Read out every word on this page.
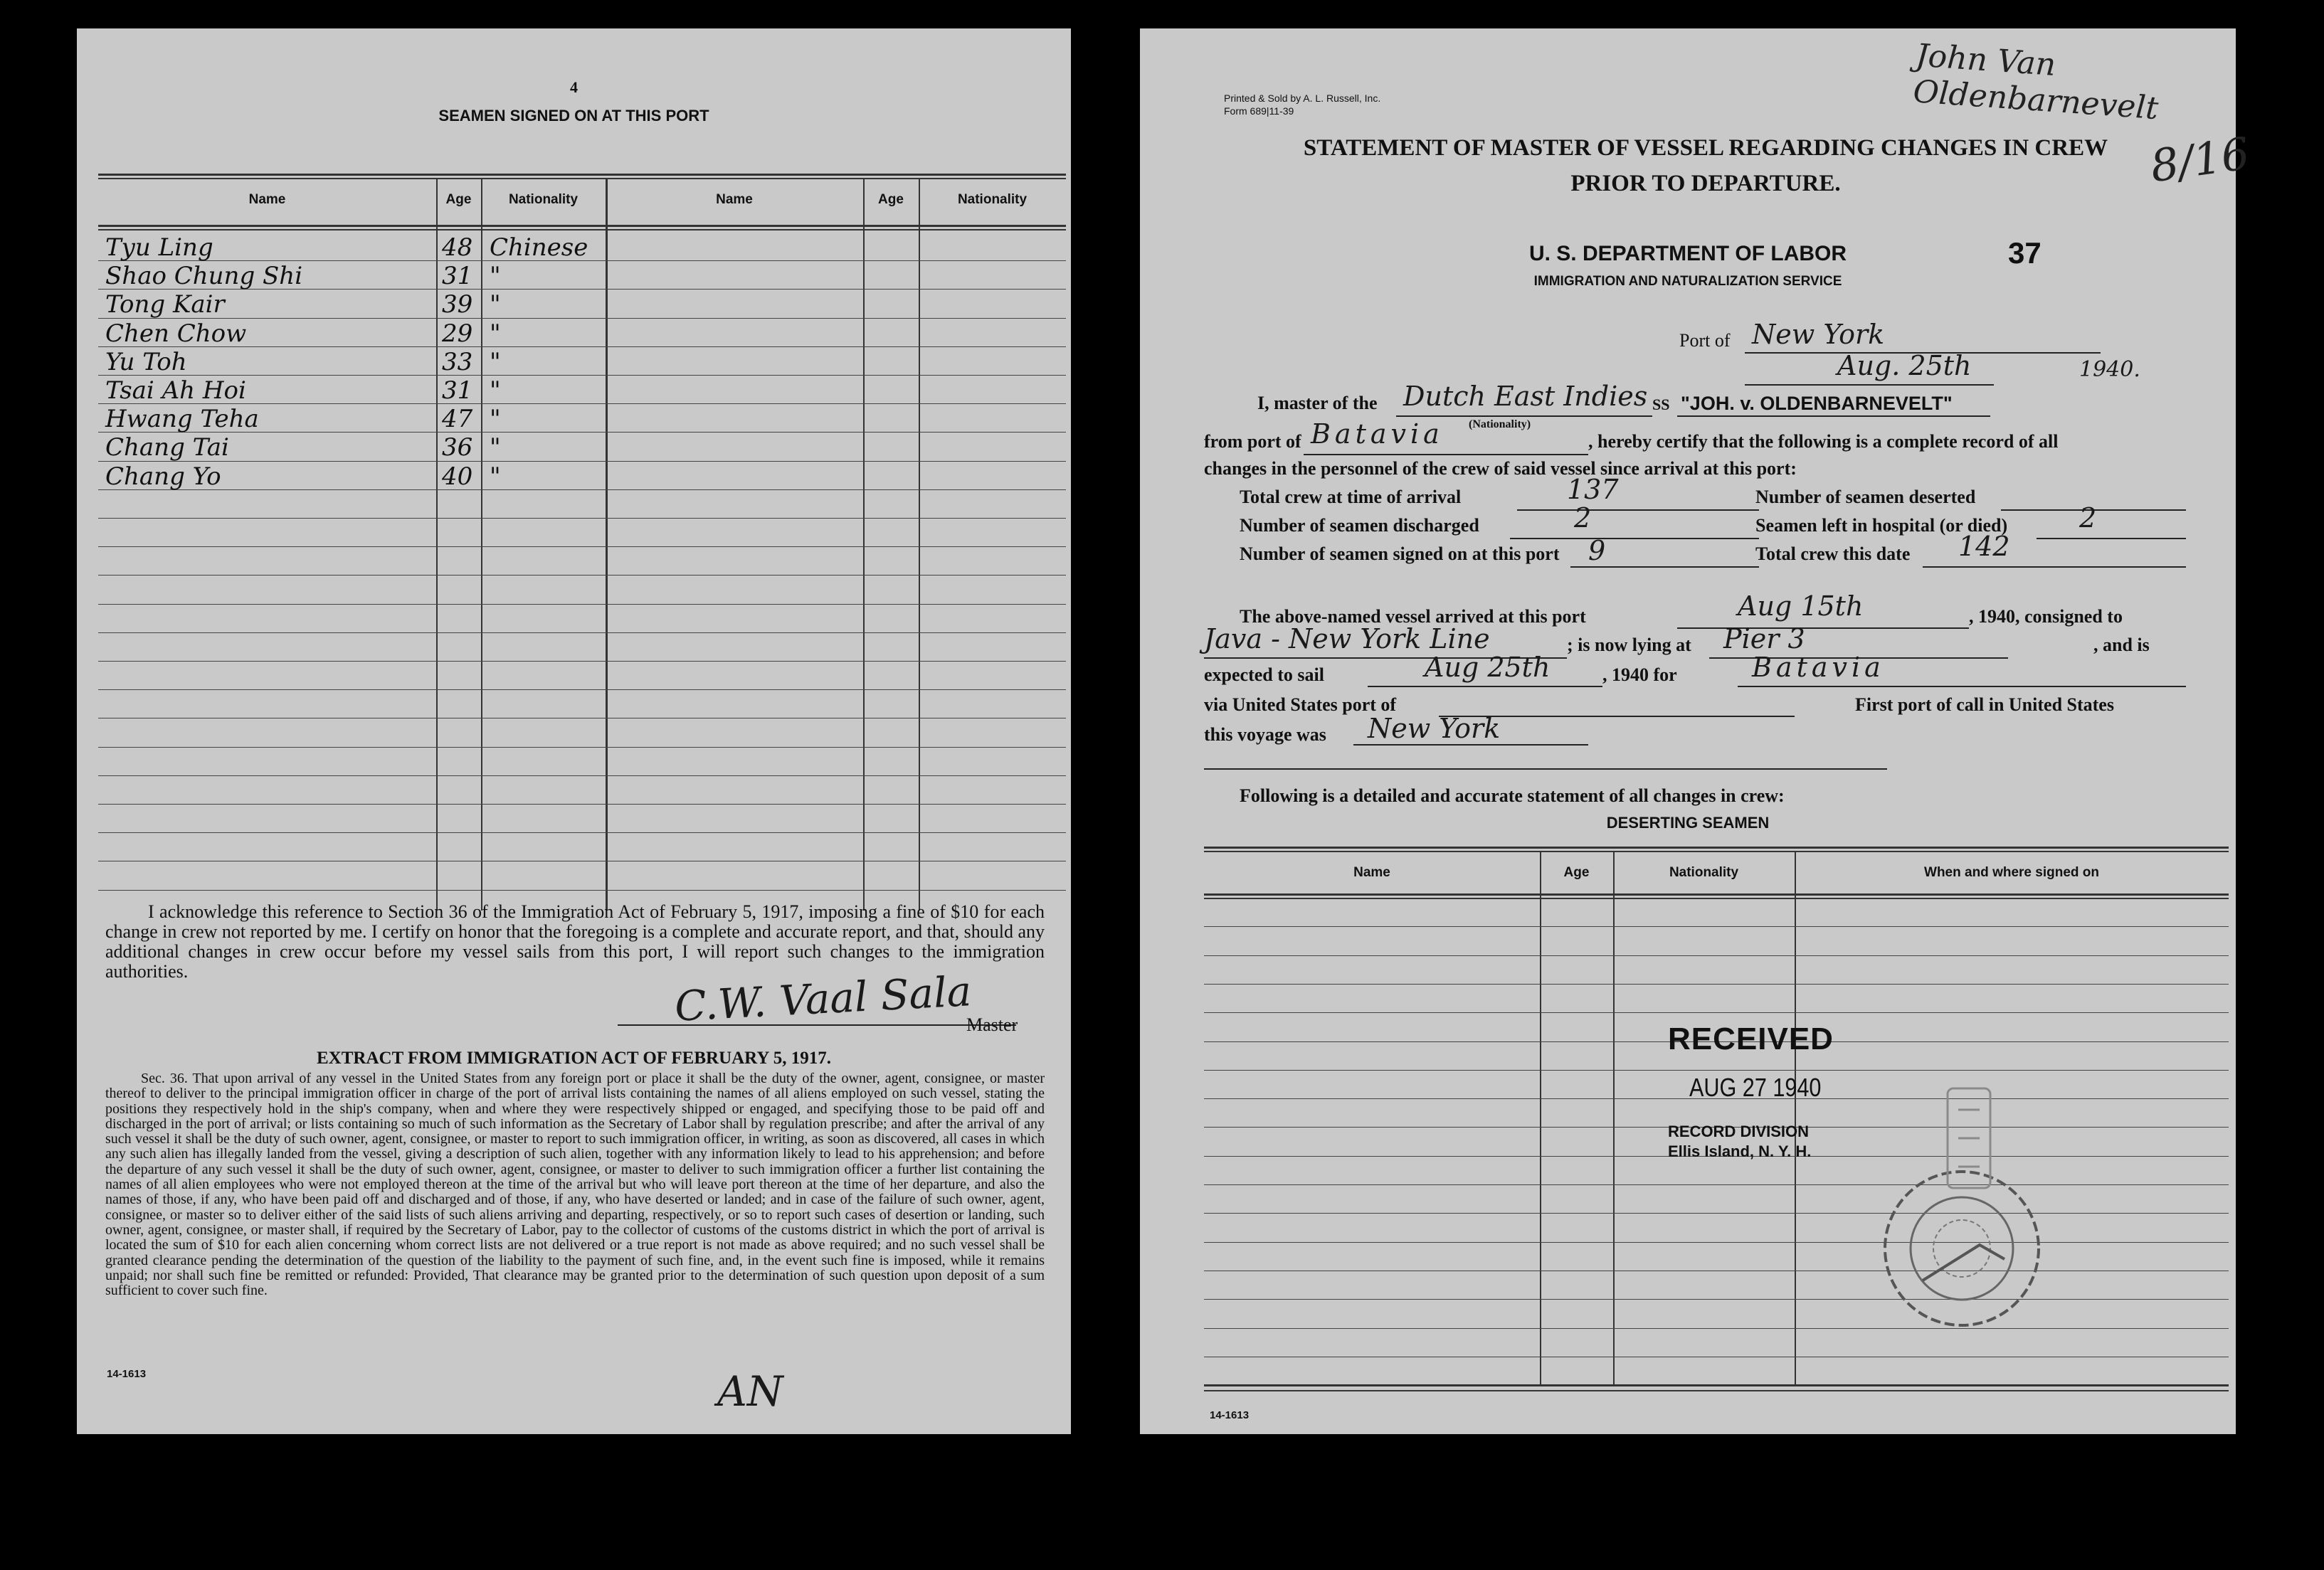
4
SEAMEN SIGNED ON AT THIS PORT
Name	Age	Nationality	Name	Age	Nationality
Tyu Ling	48 Chinese
Shao Chung Shi	31 "
Tong Kair	39 "
Chen Chow	29 "
Yu Toh	33 "
Tsai Ah Hoi	31 "
Hwang Teha	47 "
Chang Tai	36 "
Chang Yo	40 "
I acknowledge this reference to Section 36 of the Immigration Act of February 5, 1917, imposing a fine of $10 for each change in crew not reported by me. I certify on honor that the foregoing is a complete and accurate report, and that, should any additional changes in crew occur before my vessel sails from this port, I will report such changes to the immigration authorities.	C.W. Vaal Sala
Master
EXTRACT FROM IMMIGRATION ACT OF FEBRUARY 5, 1917.
Sec. 36. That upon arrival of any vessel in the United States from any foreign port or place it shall be the duty of the owner, agent, consignee, or master thereof to deliver to the principal immigration officer in charge of the port of arrival lists containing the names of all aliens employed on such vessel, stating the positions they respectively hold in the ship's company, when and where they were respectively shipped or engaged, and specifying those to be paid off and discharged in the port of arrival; or lists containing so much of such information as the Secretary of Labor shall by regulation prescribe; and after the arrival of any such vessel it shall be the duty of such owner, agent, consignee, or master to report to such immigration officer, in writing, as soon as discovered, all cases in which any such alien has illegally landed from the vessel, giving a description of such alien, together with any information likely to lead to his apprehension; and before the departure of any such vessel it shall be the duty of such owner, agent, consignee, or master to deliver to such immigration officer a further list containing the names of all alien employees who were not employed thereon at the time of the arrival but who will leave port thereon at the time of her departure, and also the names of those, if any, who have been paid off and discharged and of those, if any, who have deserted or landed; and in case of the failure of such owner, agent, consignee, or master so to deliver either of the said lists of such aliens arriving and departing, respectively, or so to report such cases of desertion or landing, such owner, agent, consignee, or master shall, if required by the Secretary of Labor, pay to the collector of customs of the customs district in which the port of arrival is located the sum of $10 for each alien concerning whom correct lists are not delivered or a true report is not made as above required; and no such vessel shall be granted clearance pending the determination of the question of the liability to the payment of such fine, and, in the event such fine is imposed, while it remains unpaid; nor shall such fine be remitted or refunded: Provided, That clearance may be granted prior to the determination of such question upon deposit of a sum sufficient to cover such fine.
14-1613	AN
Printed & Sold by A. L. Russell, Inc.
Form 689|11-39
John Van Oldenbarnevelt
8/16
STATEMENT OF MASTER OF VESSEL REGARDING CHANGES IN CREW
PRIOR TO DEPARTURE.
U. S. DEPARTMENT OF LABOR
IMMIGRATION AND NATURALIZATION SERVICE
37
Port of New York
Aug. 25th	1940.
I, master of the Dutch East Indies
(Nationality)
SS "JOH. v. OLDENBARNEVELT"
from port of Batavia	, hereby certify that the following is a complete record of all
changes in the personnel of the crew of said vessel since arrival at this port:
Total crew at time of arrival	137	Number of seamen deserted
Number of seamen discharged	2	Seamen left in hospital (or died)	2
Number of seamen signed on at this port 9	Total crew this date 142
The above-named vessel arrived at this port	Aug 15th	, 1940, consigned to
Java - New York Line	; is now lying at Pier 3	, and is
expected to sail	Aug 25th	, 1940 for	Batavia
via United States port of	First port of call in United States
this voyage was New York
Following is a detailed and accurate statement of all changes in crew:
DESERTING SEAMEN
Name	Age	Nationality	When and where signed on
RECEIVED
AUG 27 1940
RECORD DIVISION
Ellis Island, N. Y. H.
14-1613
